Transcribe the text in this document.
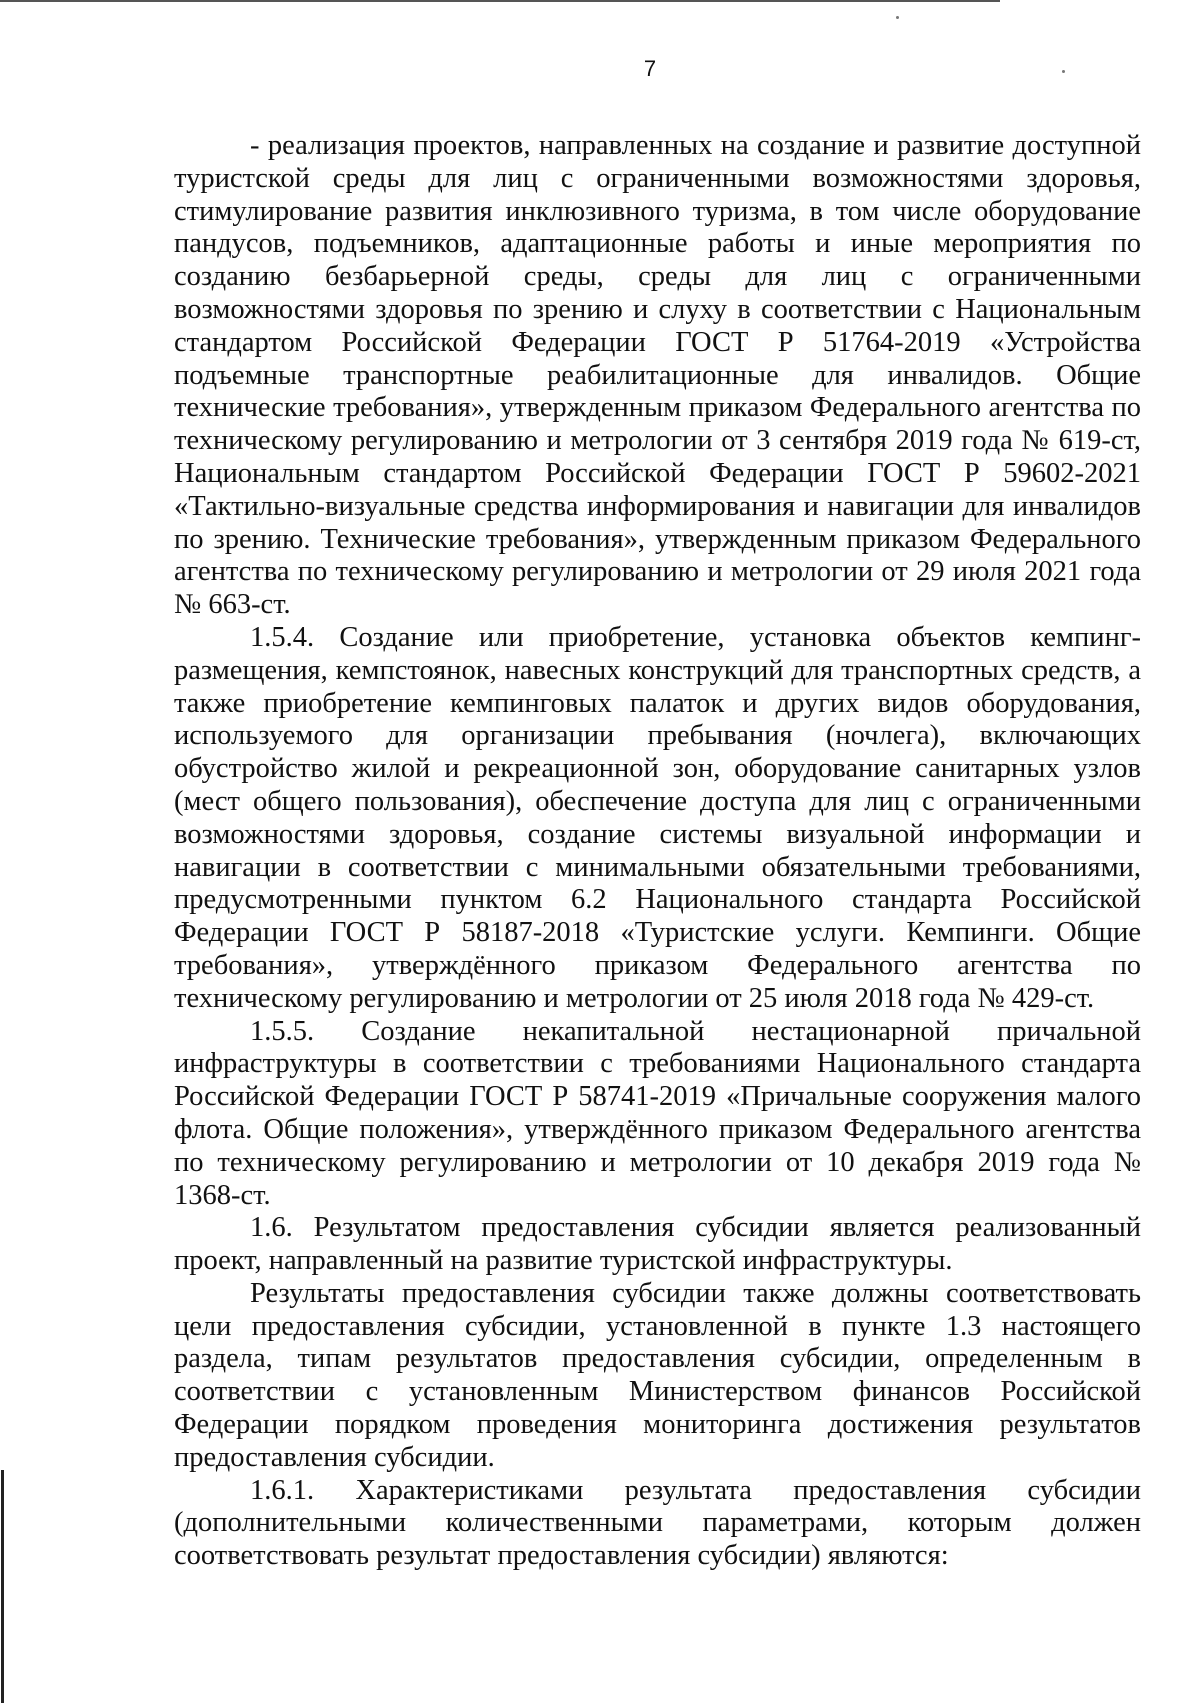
7

- реализация проектов, направленных на создание и развитие доступной туристской среды для лиц с ограниченными возможностями здоровья, стимулирование развития инклюзивного туризма, в том числе оборудование пандусов, подъемников, адаптационные работы и иные мероприятия по созданию безбарьерной среды, среды для лиц с ограниченными возможностями здоровья по зрению и слуху в соответствии с Национальным стандартом Российской Федерации ГОСТ Р 51764-2019 «Устройства подъемные транспортные реабилитационные для инвалидов. Общие технические требования», утвержденным приказом Федерального агентства по техническому регулированию и метрологии от 3 сентября 2019 года № 619-ст, Национальным стандартом Российской Федерации ГОСТ Р 59602-2021 «Тактильно-визуальные средства информирования и навигации для инвалидов по зрению. Технические требования», утвержденным приказом Федерального агентства по техническому регулированию и метрологии от 29 июля 2021 года № 663-ст.

1.5.4. Создание или приобретение, установка объектов кемпинг-размещения, кемпстоянок, навесных конструкций для транспортных средств, а также приобретение кемпинговых палаток и других видов оборудования, используемого для организации пребывания (ночлега), включающих обустройство жилой и рекреационной зон, оборудование санитарных узлов (мест общего пользования), обеспечение доступа для лиц с ограниченными возможностями здоровья, создание системы визуальной информации и навигации в соответствии с минимальными обязательными требованиями, предусмотренными пунктом 6.2 Национального стандарта Российской Федерации ГОСТ Р 58187-2018 «Туристские услуги. Кемпинги. Общие требования», утверждённого приказом Федерального агентства по техническому регулированию и метрологии от 25 июля 2018 года № 429-ст.

1.5.5. Создание некапитальной нестационарной причальной инфраструктуры в соответствии с требованиями Национального стандарта Российской Федерации ГОСТ Р 58741-2019 «Причальные сооружения малого флота. Общие положения», утверждённого приказом Федерального агентства по техническому регулированию и метрологии от 10 декабря 2019 года № 1368-ст.

1.6. Результатом предоставления субсидии является реализованный проект, направленный на развитие туристской инфраструктуры.

Результаты предоставления субсидии также должны соответствовать цели предоставления субсидии, установленной в пункте 1.3 настоящего раздела, типам результатов предоставления субсидии, определенным в соответствии с установленным Министерством финансов Российской Федерации порядком проведения мониторинга достижения результатов предоставления субсидии.

1.6.1. Характеристиками результата предоставления субсидии (дополнительными количественными параметрами, которым должен соответствовать результат предоставления субсидии) являются:
